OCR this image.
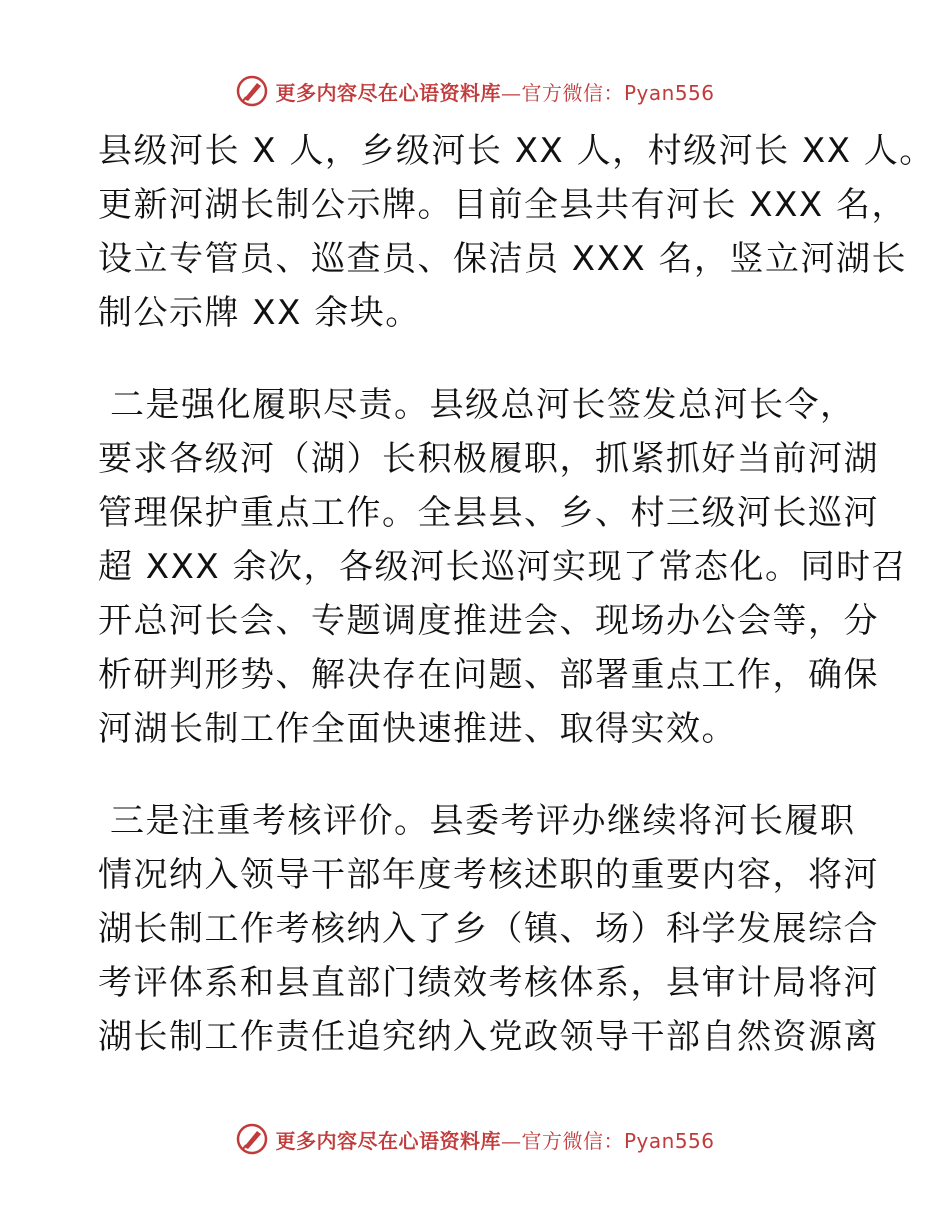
更多内容尽在心语资料库—官方微信：Pyan556
县级河长 X 人，乡级河长 XX 人，村级河长 XX 人。
更新河湖长制公示牌。目前全县共有河长 XXX 名，
设立专管员、巡查员、保洁员 XXX 名，竖立河湖长
制公示牌 XX 余块。
二是强化履职尽责。县级总河长签发总河长令，
要求各级河（湖）长积极履职，抓紧抓好当前河湖
管理保护重点工作。全县县、乡、村三级河长巡河
超 XXX 余次，各级河长巡河实现了常态化。同时召
开总河长会、专题调度推进会、现场办公会等，分
析研判形势、解决存在问题、部署重点工作，确保
河湖长制工作全面快速推进、取得实效。
三是注重考核评价。县委考评办继续将河长履职
情况纳入领导干部年度考核述职的重要内容，将河
湖长制工作考核纳入了乡（镇、场）科学发展综合
考评体系和县直部门绩效考核体系，县审计局将河
湖长制工作责任追究纳入党政领导干部自然资源离
更多内容尽在心语资料库—官方微信：Pyan556
